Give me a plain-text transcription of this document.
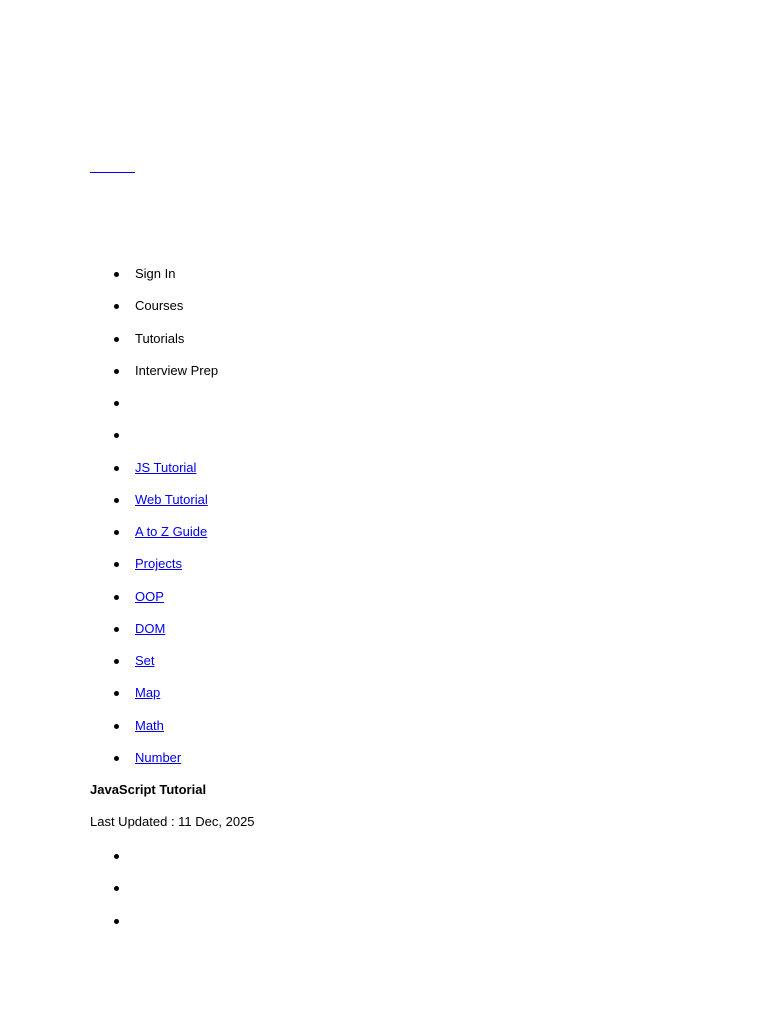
Sign In
Courses
Tutorials
Interview Prep
JS Tutorial
Web Tutorial
A to Z Guide
Projects
OOP
DOM
Set
Map
Math
Number
JavaScript Tutorial
Last Updated : 11 Dec, 2025
